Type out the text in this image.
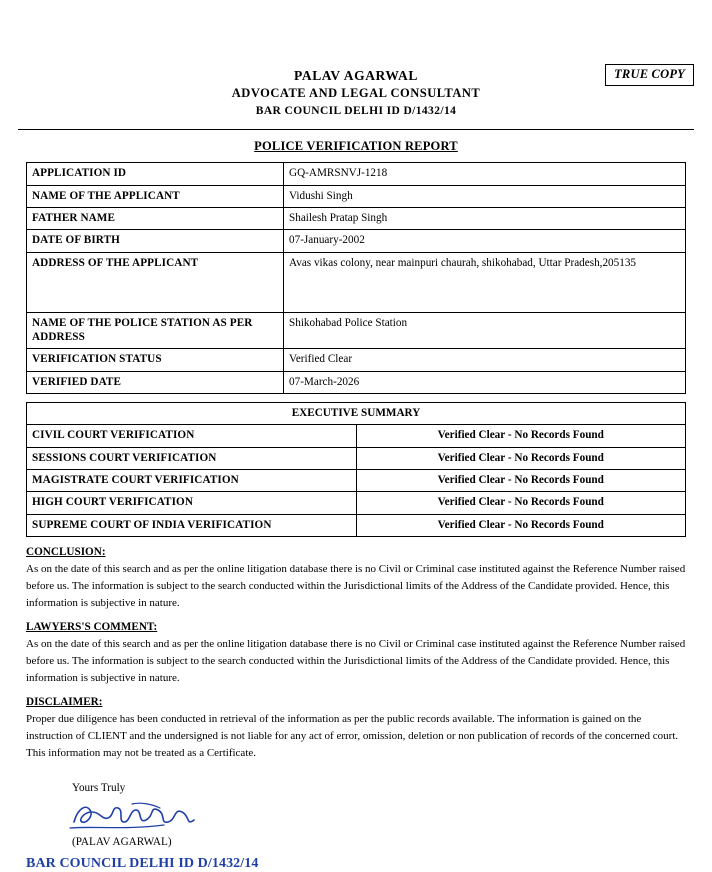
TRUE COPY
PALAV AGARWAL
ADVOCATE AND LEGAL CONSULTANT
BAR COUNCIL DELHI ID D/1432/14
POLICE VERIFICATION REPORT
APPLICATION ID	GQ-AMRSNVJ-1218
NAME OF THE APPLICANT	Vidushi Singh
FATHER NAME	Shailesh Pratap Singh
DATE OF BIRTH	07-January-2002
ADDRESS OF THE APPLICANT	Avas vikas colony, near mainpuri chaurah, shikohabad, Uttar Pradesh,205135
NAME OF THE POLICE STATION AS PER ADDRESS	Shikohabad Police Station
VERIFICATION STATUS	Verified Clear
VERIFIED DATE	07-March-2026
EXECUTIVE SUMMARY	
CIVIL COURT VERIFICATION	Verified Clear - No Records Found
SESSIONS COURT VERIFICATION	Verified Clear - No Records Found
MAGISTRATE COURT VERIFICATION	Verified Clear - No Records Found
HIGH COURT VERIFICATION	Verified Clear - No Records Found
SUPREME COURT OF INDIA VERIFICATION	Verified Clear - No Records Found
CONCLUSION:
As on the date of this search and as per the online litigation database there is no Civil or Criminal case instituted against the Reference Number raised before us. The information is subject to the search conducted within the Jurisdictional limits of the Address of the Candidate provided. Hence, this information is subjective in nature.
LAWYERS'S COMMENT:
As on the date of this search and as per the online litigation database there is no Civil or Criminal case instituted against the Reference Number raised before us. The information is subject to the search conducted within the Jurisdictional limits of the Address of the Candidate provided. Hence, this information is subjective in nature.
DISCLAIMER:
Proper due diligence has been conducted in retrieval of the information as per the public records available. The information is gained on the instruction of CLIENT and the undersigned is not liable for any act of error, omission, deletion or non publication of records of the concerned court. This information may not be treated as a Certificate.
Yours Truly
(PALAV AGARWAL)
BAR COUNCIL DELHI ID D/1432/14
